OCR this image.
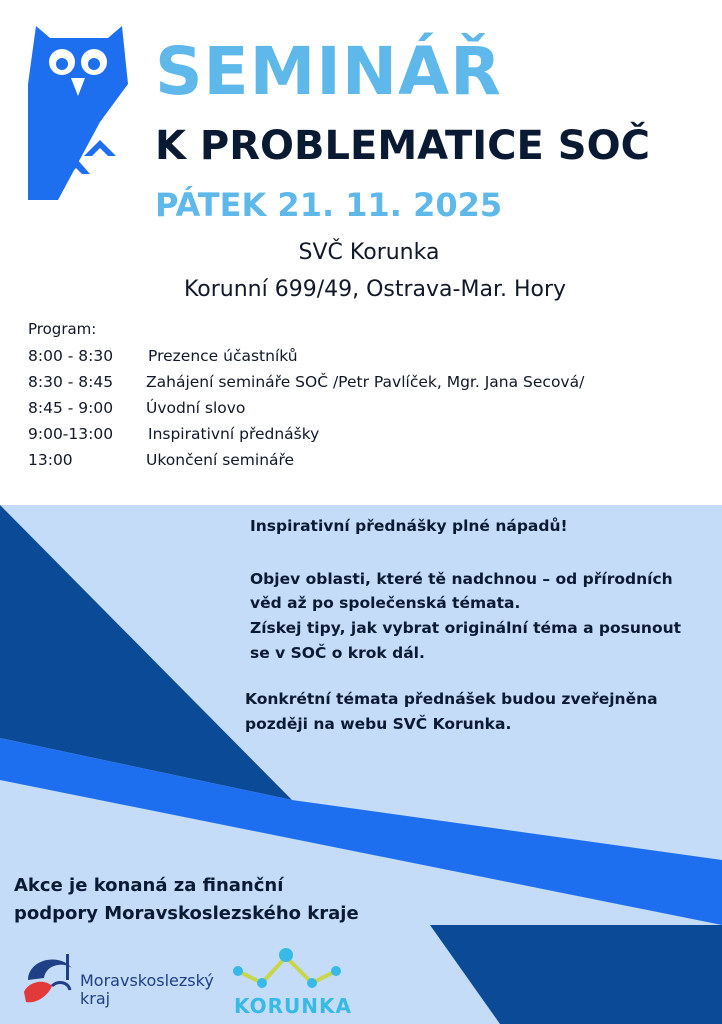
SEMINÁŘ
K PROBLEMATICE SOČ
PÁTEK 21. 11. 2025
SVČ Korunka
Korunní 699/49, Ostrava-Mar. Hory
Program:
8:00 - 8:30 Prezence účastníků
8:30 - 8:45 Zahájení semináře SOČ /Petr Pavlíček, Mgr. Jana Secová/
8:45 - 9:00 Úvodní slovo
9:00-13:00 Inspirativní přednášky
13:00	Ukončení semináře
Inspirativní přednášky plné nápadů!
Objev oblasti, které tě nadchnou – od přírodních
věd až po společenská témata.
Získej tipy, jak vybrat originální téma a posunout
se v SOČ o krok dál.
Konkrétní témata přednášek budou zveřejněna
později na webu SVČ Korunka.
Akce je konaná za finanční
podpory Moravskoslezského kraje
Moravskoslezský
kraj	KORUNKA
